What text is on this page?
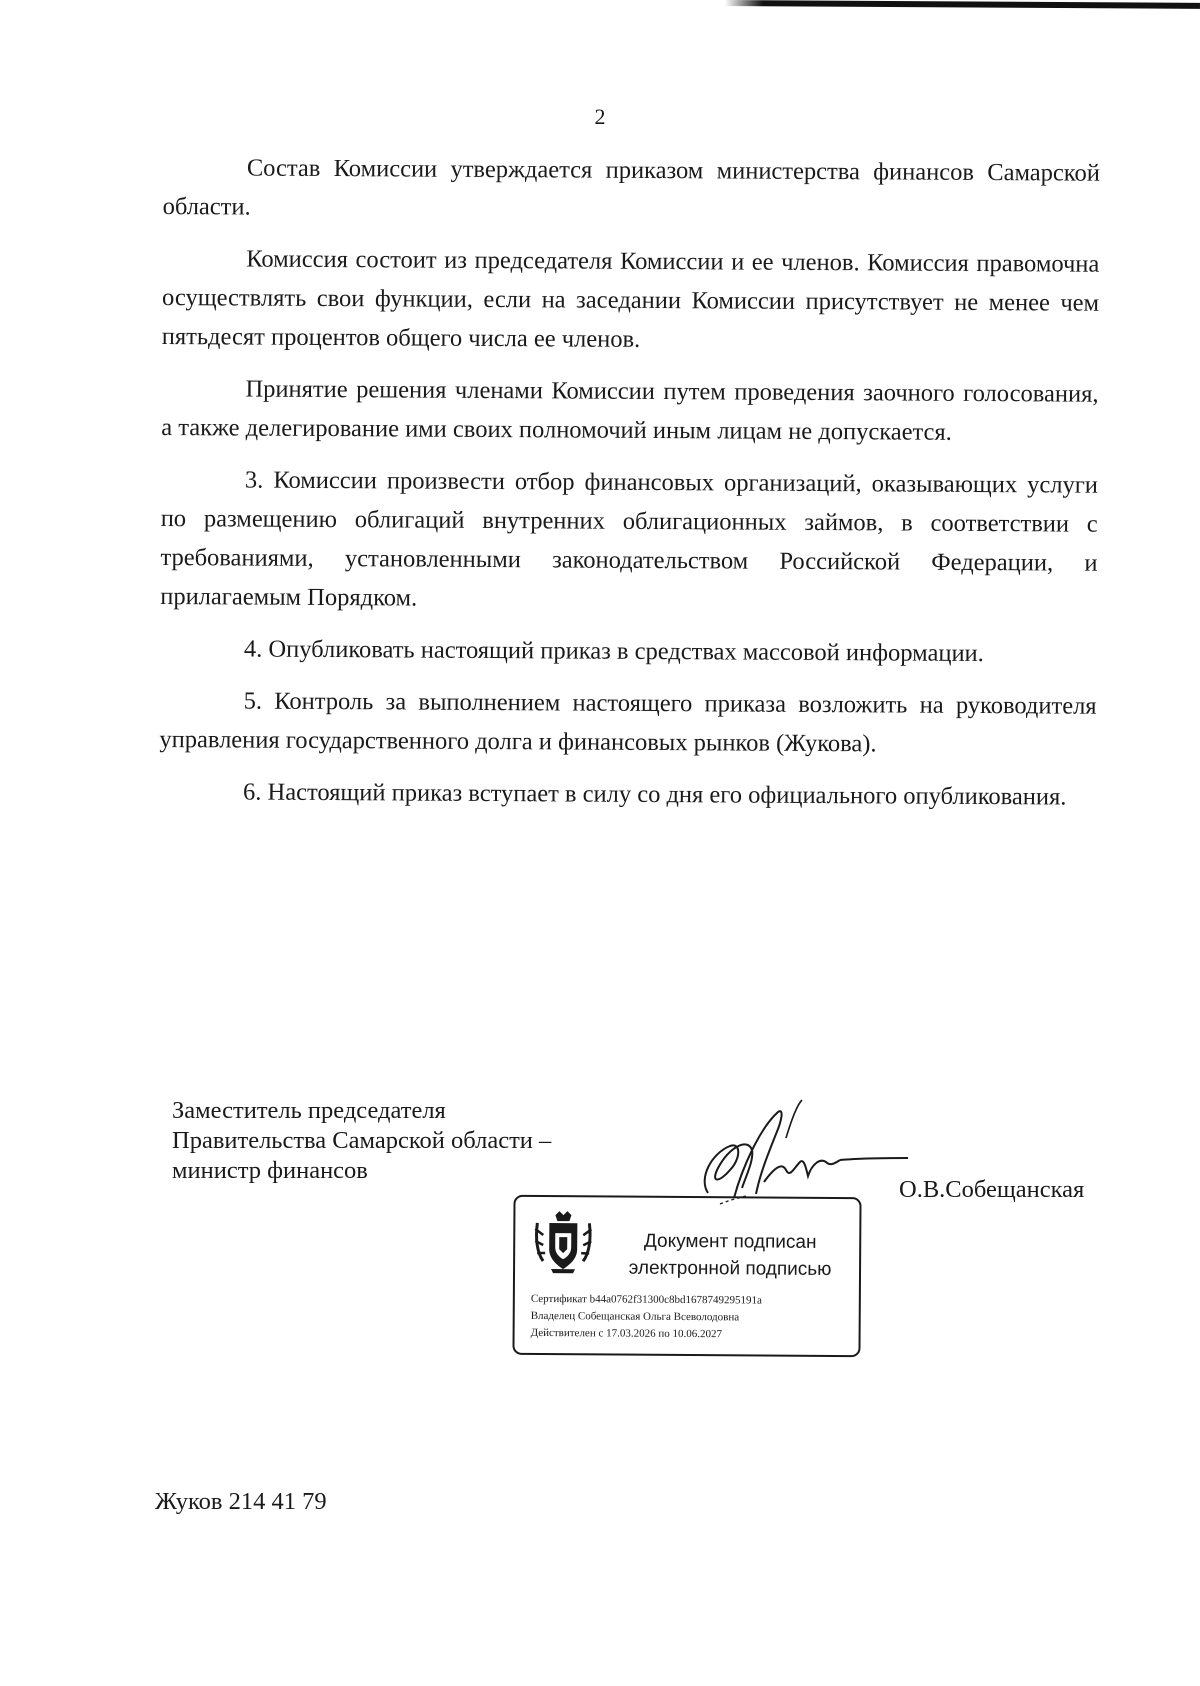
2

Состав Комиссии утверждается приказом министерства финансов Самарской области.

Комиссия состоит из председателя Комиссии и ее членов. Комиссия правомочна осуществлять свои функции, если на заседании Комиссии присутствует не менее чем пятьдесят процентов общего числа ее членов.

Принятие решения членами Комиссии путем проведения заочного голосования, а также делегирование ими своих полномочий иным лицам не допускается.

3. Комиссии произвести отбор финансовых организаций, оказывающих услуги по размещению облигаций внутренних облигационных займов, в соответствии с требованиями, установленными законодательством Российской Федерации, и прилагаемым Порядком.

4. Опубликовать настоящий приказ в средствах массовой информации.

5. Контроль за выполнением настоящего приказа возложить на руководителя управления государственного долга и финансовых рынков (Жукова).

6. Настоящий приказ вступает в силу со дня его официального опубликования.

Заместитель председателя
Правительства Самарской области –
министр финансов
О.В.Собещанская
Документ подписан
электронной подписью
Сертификат b44a0762f31300c8bd1678749295191a
Владелец Собещанская Ольга Всеволодовна
Действителен с 17.03.2026 по 10.06.2027
Жуков 214 41 79
